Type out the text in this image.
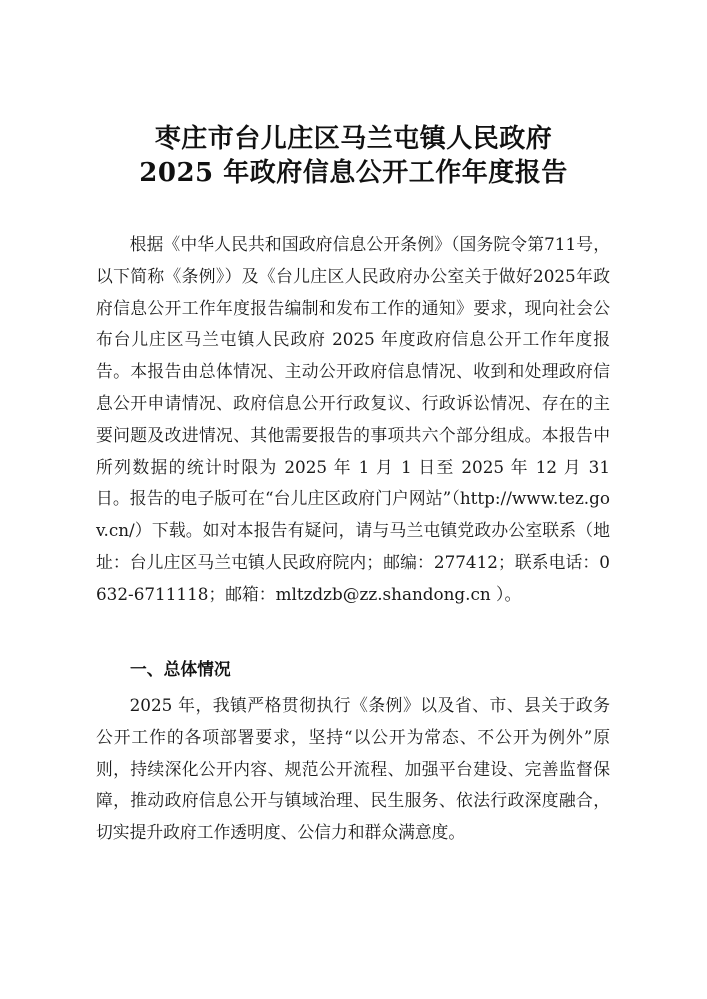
枣庄市台儿庄区马兰屯镇人民政府
2025 年政府信息公开工作年度报告

根据《中华人民共和国政府信息公开条例》（国务院令第711号，以下简称《条例》）及《台儿庄区人民政府办公室关于做好2025年政府信息公开工作年度报告编制和发布工作的通知》要求，现向社会公布台儿庄区马兰屯镇人民政府 2025 年度政府信息公开工作年度报告。本报告由总体情况、主动公开政府信息情况、收到和处理政府信息公开申请情况、政府信息公开行政复议、行政诉讼情况、存在的主要问题及改进情况、其他需要报告的事项共六个部分组成。本报告中所列数据的统计时限为 2025 年 1 月 1 日至 2025 年 12 月 31 日。报告的电子版可在“台儿庄区政府门户网站”（http://www.tez.gov.cn/）下载。如对本报告有疑问，请与马兰屯镇党政办公室联系（地址：台儿庄区马兰屯镇人民政府院内；邮编：277412；联系电话：0632-6711118；邮箱：mltzdzb@zz.shandong.cn ）。

一、总体情况

2025 年，我镇严格贯彻执行《条例》以及省、市、县关于政务公开工作的各项部署要求，坚持“以公开为常态、不公开为例外”原则，持续深化公开内容、规范公开流程、加强平台建设、完善监督保障，推动政府信息公开与镇域治理、民生服务、依法行政深度融合，切实提升政府工作透明度、公信力和群众满意度。
